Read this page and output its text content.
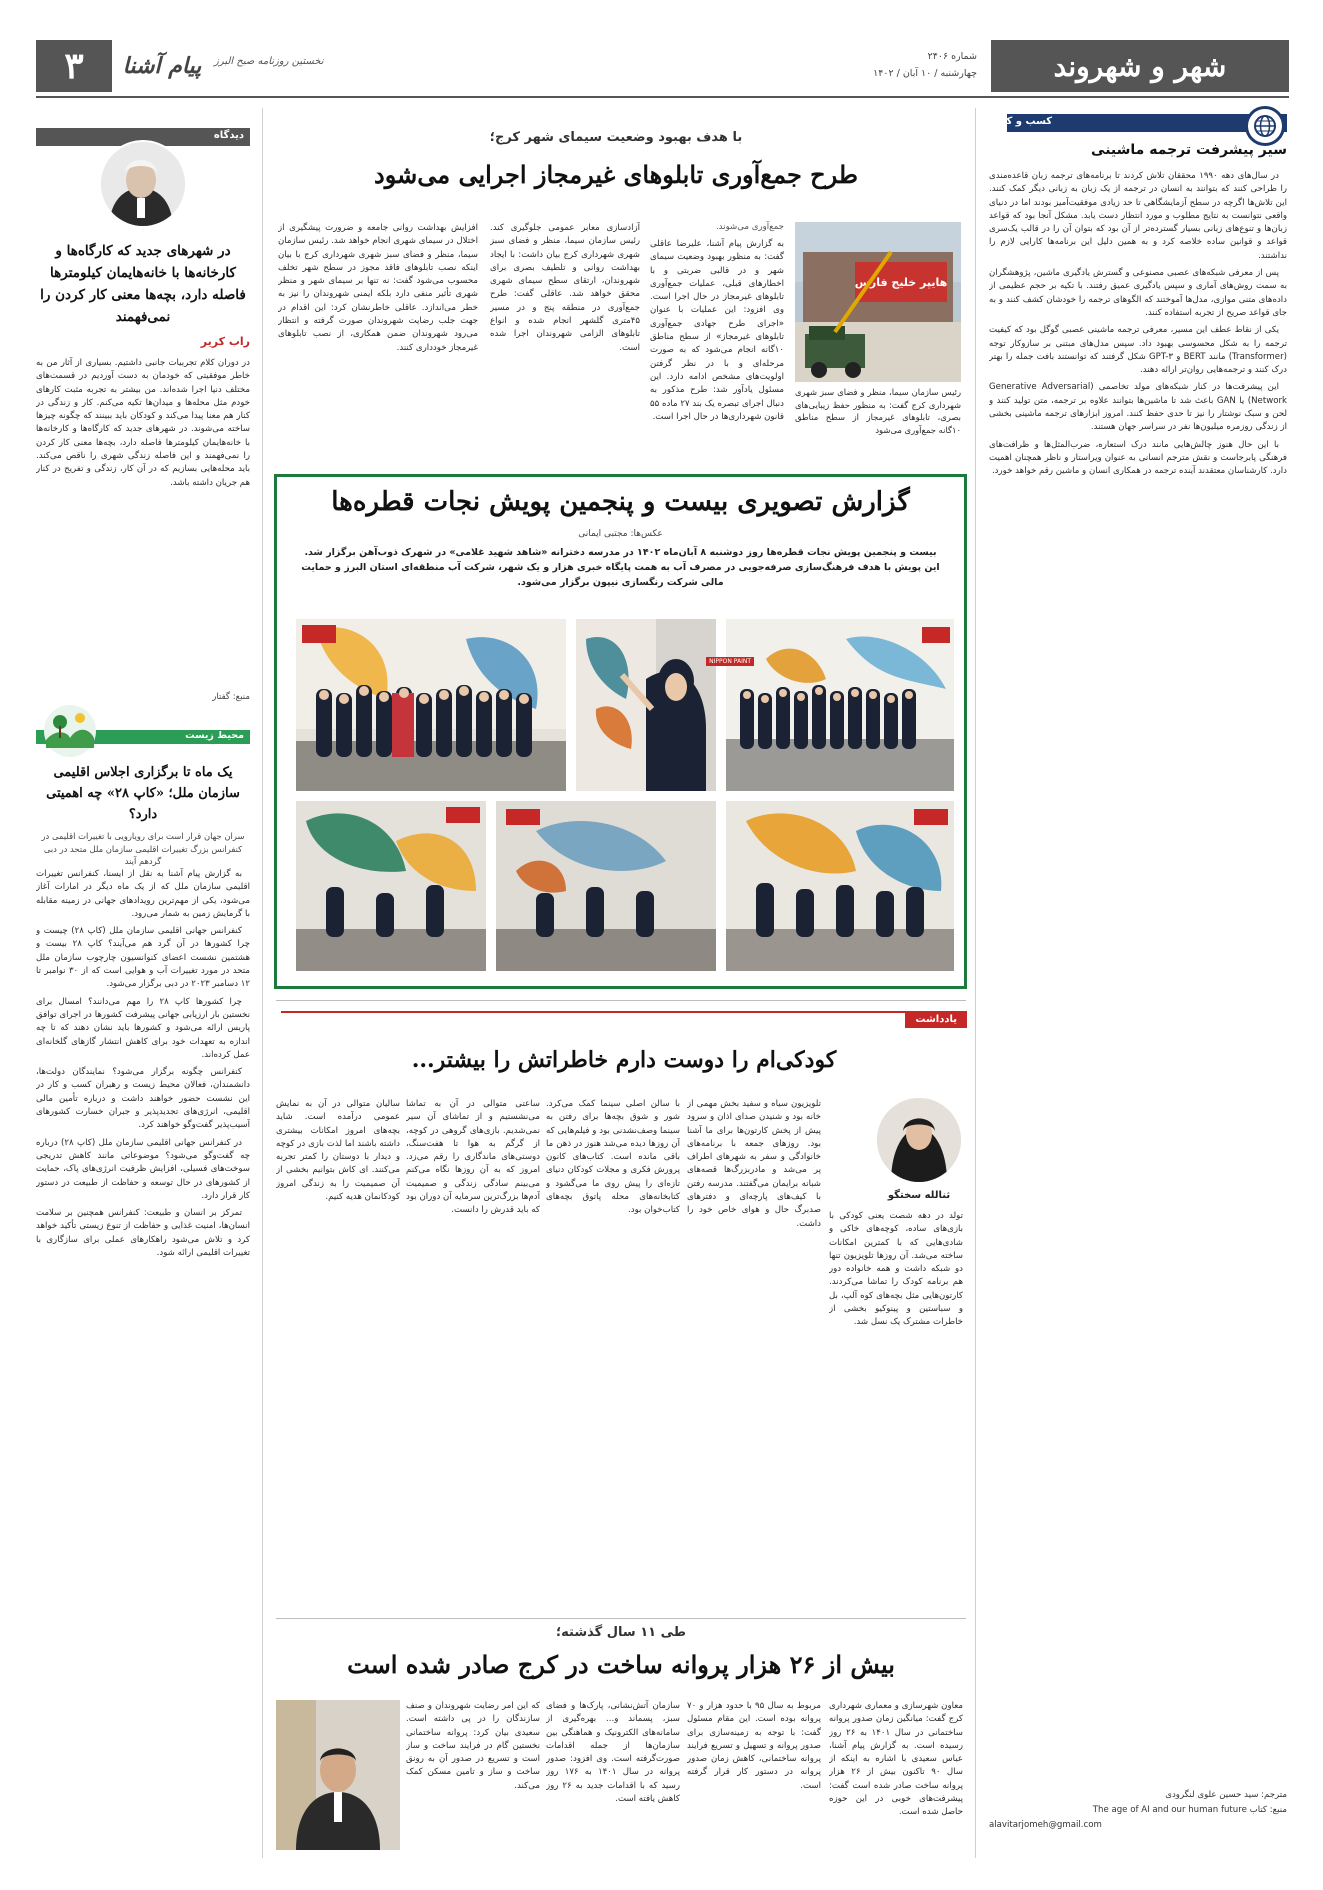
شهر و شهروند
شماره ۲۴۰۶
چهارشنبه / ۱۰ آبان / ۱۴۰۲
۳	پیام آشنا نخستین روزنامه صبح البرز
کسب و کار
سیر پیشرفت ترجمه ماشینی

در سال‌های دهه ۱۹۹۰ محققان تلاش کردند تا برنامه‌های ترجمه زبان قاعده‌مندی را طراحی کنند که بتوانند به انسان در ترجمه از یک زبان به زبانی دیگر کمک کنند. این تلاش‌ها اگرچه در سطح آزمایشگاهی تا حد زیادی موفقیت‌آمیز بودند اما در دنیای واقعی نتوانست به نتایج مطلوب و مورد انتظار دست یابد. مشکل آنجا بود که قواعد زبان‌ها و تنوع‌های زبانی بسیار گسترده‌تر از آن بود که بتوان آن را در قالب یک‌سری قواعد و قوانین ساده خلاصه کرد و به همین دلیل این برنامه‌ها کارایی لازم را نداشتند.

پس از معرفی شبکه‌های عصبی مصنوعی و گسترش یادگیری ماشین، پژوهشگران به سمت روش‌های آماری و سپس یادگیری عمیق رفتند. با تکیه بر حجم عظیمی از داده‌های متنی موازی، مدل‌ها آموختند که الگوهای ترجمه را خودشان کشف کنند و به جای قواعد صریح از تجربه استفاده کنند.

یکی از نقاط عطف این مسیر، معرفی ترجمه ماشینی عصبی گوگل بود که کیفیت ترجمه را به شکل محسوسی بهبود داد. سپس مدل‌های مبتنی بر سازوکار توجه (Transformer) مانند BERT و GPT-۳ شکل گرفتند که توانستند بافت جمله را بهتر درک کنند و ترجمه‌هایی روان‌تر ارائه دهند.

این پیشرفت‌ها در کنار شبکه‌های مولد تخاصمی (Generative Adversarial Network) یا GAN باعث شد تا ماشین‌ها بتوانند علاوه بر ترجمه، متن تولید کنند و لحن و سبک نوشتار را نیز تا حدی حفظ کنند. امروز ابزارهای ترجمه ماشینی بخشی از زندگی روزمره میلیون‌ها نفر در سراسر جهان هستند.

با این حال هنوز چالش‌هایی مانند درک استعاره، ضرب‌المثل‌ها و ظرافت‌های فرهنگی پابرجاست و نقش مترجم انسانی به عنوان ویراستار و ناظر همچنان اهمیت دارد. کارشناسان معتقدند آینده ترجمه در همکاری انسان و ماشین رقم خواهد خورد.

مترجم: سید حسین علوی لنگرودی
منبع: کتاب The age of AI and our human future
alavitarjomeh@gmail.com
با هدف بهبود وضعیت سیمای شهر کرج؛
طرح جمع‌آوری تابلوهای غیرمجاز اجرایی می‌شود
هایپر خلیج فارس
رئیس سازمان سیما، منظر و فضای سبز شهری شهرداری کرج گفت: به منظور حفظ زیبایی‌های بصری، تابلوهای غیرمجاز از سطح مناطق ۱۰گانه جمع‌آوری می‌شود
جمع‌آوری می‌شوند.
به گزارش پیام آشنا، علیرضا عاقلی گفت: به منظور بهبود وضعیت سیمای شهر و در قالبی ضربتی و با اخطارهای قبلی، عملیات جمع‌آوری تابلوهای غیرمجاز در حال اجرا است. وی افزود: این عملیات با عنوان «اجرای طرح جهادی جمع‌آوری تابلوهای غیرمجاز» از سطح مناطق ۱۰گانه انجام می‌شود که به صورت مرحله‌ای و با در نظر گرفتن اولویت‌های مشخص ادامه دارد. این مسئول یادآور شد: طرح مذکور به دنبال اجرای تبصره یک بند ۲۷ ماده ۵۵ قانون شهرداری‌ها در حال اجرا است.
آزادسازی معابر عمومی جلوگیری کند. رئیس سازمان سیما، منظر و فضای سبز شهری شهرداری کرج بیان داشت: با ایجاد بهداشت روانی و تلطیف بصری برای شهروندان، ارتقای سطح سیمای شهری محقق خواهد شد. عاقلی گفت: طرح جمع‌آوری در منطقه پنج و در مسیر ۴۵متری گلشهر انجام شده و انواع تابلوهای الزامی شهروندان اجرا شده است.
افزایش بهداشت روانی جامعه و ضرورت پیشگیری از اختلال در سیمای شهری انجام خواهد شد. رئیس سازمان سیما، منظر و فضای سبز شهری شهرداری کرج با بیان اینکه نصب تابلوهای فاقد مجوز در سطح شهر تخلف محسوب می‌شود گفت: نه تنها بر سیمای شهر و منظر شهری تأثیر منفی دارد بلکه ایمنی شهروندان را نیز به خطر می‌اندازد. عاقلی خاطرنشان کرد: این اقدام در جهت جلب رضایت شهروندان صورت گرفته و انتظار می‌رود شهروندان ضمن همکاری، از نصب تابلوهای غیرمجاز خودداری کنند.
گزارش تصویری بیست و پنجمین پویش نجات قطره‌ها
عکس‌ها: مجتبی ایمانی
بیست و پنجمین پویش نجات قطره‌ها روز دوشنبه ۸ آبان‌ماه ۱۴۰۲ در مدرسه دخترانه «شاهد شهید غلامی» در شهرک ذوب‌آهن برگزار شد. این پویش با هدف فرهنگ‌سازی صرفه‌جویی در مصرف آب به همت پایگاه خبری هزار و یک شهر، شرکت آب منطقه‌ای استان البرز و حمایت مالی شرکت رنگسازی نیپون برگزار می‌شود.
NIPPON PAINT
یادداشت
کودکی‌ام را دوست دارم خاطراتش را بیشتر...
ثنالله سختگو
تولد در دهه شصت یعنی کودکی با بازی‌های ساده، کوچه‌های خاکی و شادی‌هایی که با کمترین امکانات ساخته می‌شد. آن روزها تلویزیون تنها دو شبکه داشت و همه خانواده دور هم برنامه کودک را تماشا می‌کردند. کارتون‌هایی مثل بچه‌های کوه آلپ، بل و سباستین و پینوکیو بخشی از خاطرات مشترک یک نسل شد.
تلویزیون سیاه و سفید بخش مهمی از خانه بود و شنیدن صدای اذان و سرود پیش از پخش کارتون‌ها برای ما آشنا بود. روزهای جمعه با برنامه‌های خانوادگی و سفر به شهرهای اطراف پر می‌شد و مادربزرگ‌ها قصه‌های شبانه برایمان می‌گفتند. مدرسه رفتن با کیف‌های پارچه‌ای و دفترهای صدبرگ حال و هوای خاص خود را داشت.
با سالن اصلی سینما کمک می‌کرد. شور و شوق بچه‌ها برای رفتن به سینما وصف‌نشدنی بود و فیلم‌هایی که آن روزها دیده می‌شد هنوز در ذهن ما باقی مانده است. کتاب‌های کانون پرورش فکری و مجلات کودکان دنیای تازه‌ای را پیش روی ما می‌گشود و کتابخانه‌های محله پاتوق بچه‌های کتاب‌خوان بود.
ساعتی متوالی در آن به تماشا می‌نشستیم و از تماشای آن سیر نمی‌شدیم. بازی‌های گروهی در کوچه، از گرگم به هوا تا هفت‌سنگ، دوستی‌های ماندگاری را رقم می‌زد. امروز که به آن روزها نگاه می‌کنم می‌بینم سادگی زندگی و صمیمیت آدم‌ها بزرگ‌ترین سرمایه آن دوران بود که باید قدرش را دانست.
سالیان متوالی در آن به نمایش عمومی درآمده است. شاید بچه‌های امروز امکانات بیشتری داشته باشند اما لذت بازی در کوچه و دیدار با دوستان را کمتر تجربه می‌کنند. ای کاش بتوانیم بخشی از آن صمیمیت را به زندگی امروز کودکانمان هدیه کنیم.
طی ۱۱ سال گذشته؛
بیش از ۲۶ هزار پروانه ساخت در کرج صادر شده است
معاون شهرسازی و معماری شهرداری کرج گفت: میانگین زمان صدور پروانه ساختمانی در سال ۱۴۰۱ به ۲۶ روز رسیده است. به گزارش پیام آشنا، عباس سعیدی با اشاره به اینکه از سال ۹۰ تاکنون بیش از ۲۶ هزار پروانه ساخت صادر شده است گفت: پیشرفت‌های خوبی در این حوزه حاصل شده است.
مربوط به سال ۹۵ با حدود هزار و ۷۰ پروانه بوده است. این مقام مسئول گفت: با توجه به زمینه‌سازی برای صدور پروانه و تسهیل و تسریع فرایند پروانه ساختمانی، کاهش زمان صدور پروانه در دستور کار قرار گرفته است.
سازمان آتش‌نشانی، پارک‌ها و فضای سبز، پسماند و... بهره‌گیری از سامانه‌های الکترونیک و هماهنگی بین سازمان‌ها از جمله اقدامات صورت‌گرفته است. وی افزود: صدور پروانه در سال ۱۴۰۱ به ۱۷۶ روز رسید که با اقدامات جدید به ۲۶ روز کاهش یافته است.
که این امر رضایت شهروندان و صنف سازندگان را در پی داشته است. سعیدی بیان کرد: پروانه ساختمانی نخستین گام در فرایند ساخت و ساز است و تسریع در صدور آن به رونق ساخت و ساز و تامین مسکن کمک می‌کند.
دیدگاه
در شهرهای جدید که کارگاه‌ها و کارخانه‌ها با خانه‌هایمان کیلومترها فاصله دارد، بچه‌ها معنی کار کردن را نمی‌فهمند
راب کریر
در دوران کلام تجربیات جانبی داشتیم. بسیاری از آثار من به خاطر موفقیتی که خودمان به دست آوردیم در قسمت‌های مختلف دنیا اجرا شده‌اند. من بیشتر به تجربه مثبت کارهای خودم مثل محله‌ها و میدان‌ها تکیه می‌کنم. کار و زندگی در کنار هم معنا پیدا می‌کند و کودکان باید ببینند که چگونه چیزها ساخته می‌شوند. در شهرهای جدید که کارگاه‌ها و کارخانه‌ها با خانه‌هایمان کیلومترها فاصله دارد، بچه‌ها معنی کار کردن را نمی‌فهمند و این فاصله زندگی شهری را ناقص می‌کند. باید محله‌هایی بسازیم که در آن کار، زندگی و تفریح در کنار هم جریان داشته باشد.
منبع: گفتار
محیط زیست
یک ماه تا برگزاری اجلاس اقلیمی سازمان ملل؛ «کاپ ۲۸» چه اهمیتی دارد؟
سران جهان قرار است برای رویارویی با تغییرات اقلیمی در کنفرانس بزرگ تغییرات اقلیمی سازمان ملل متحد در دبی گردهم آیند

به گزارش پیام آشنا به نقل از ایسنا، کنفرانس تغییرات اقلیمی سازمان ملل که از یک ماه دیگر در امارات آغاز می‌شود، یکی از مهم‌ترین رویدادهای جهانی در زمینه مقابله با گرمایش زمین به شمار می‌رود.

کنفرانس جهانی اقلیمی سازمان ملل (کاپ ۲۸) چیست و چرا کشورها در آن گرد هم می‌آیند؟ کاپ ۲۸ بیست و هشتمین نشست اعضای کنوانسیون چارچوب سازمان ملل متحد در مورد تغییرات آب و هوایی است که از ۳۰ نوامبر تا ۱۲ دسامبر ۲۰۲۳ در دبی برگزار می‌شود.

چرا کشورها کاپ ۲۸ را مهم می‌دانند؟ امسال برای نخستین بار ارزیابی جهانی پیشرفت کشورها در اجرای توافق پاریس ارائه می‌شود و کشورها باید نشان دهند که تا چه اندازه به تعهدات خود برای کاهش انتشار گازهای گلخانه‌ای عمل کرده‌اند.

کنفرانس چگونه برگزار می‌شود؟ نمایندگان دولت‌ها، دانشمندان، فعالان محیط زیست و رهبران کسب و کار در این نشست حضور خواهند داشت و درباره تأمین مالی اقلیمی، انرژی‌های تجدیدپذیر و جبران خسارت کشورهای آسیب‌پذیر گفت‌وگو خواهند کرد.

در کنفرانس جهانی اقلیمی سازمان ملل (کاپ ۲۸) درباره چه گفت‌وگو می‌شود؟ موضوعاتی مانند کاهش تدریجی سوخت‌های فسیلی، افزایش ظرفیت انرژی‌های پاک، حمایت از کشورهای در حال توسعه و حفاظت از طبیعت در دستور کار قرار دارد.

تمرکز بر انسان و طبیعت: کنفرانس همچنین بر سلامت انسان‌ها، امنیت غذایی و حفاظت از تنوع زیستی تأکید خواهد کرد و تلاش می‌شود راهکارهای عملی برای سازگاری با تغییرات اقلیمی ارائه شود.
